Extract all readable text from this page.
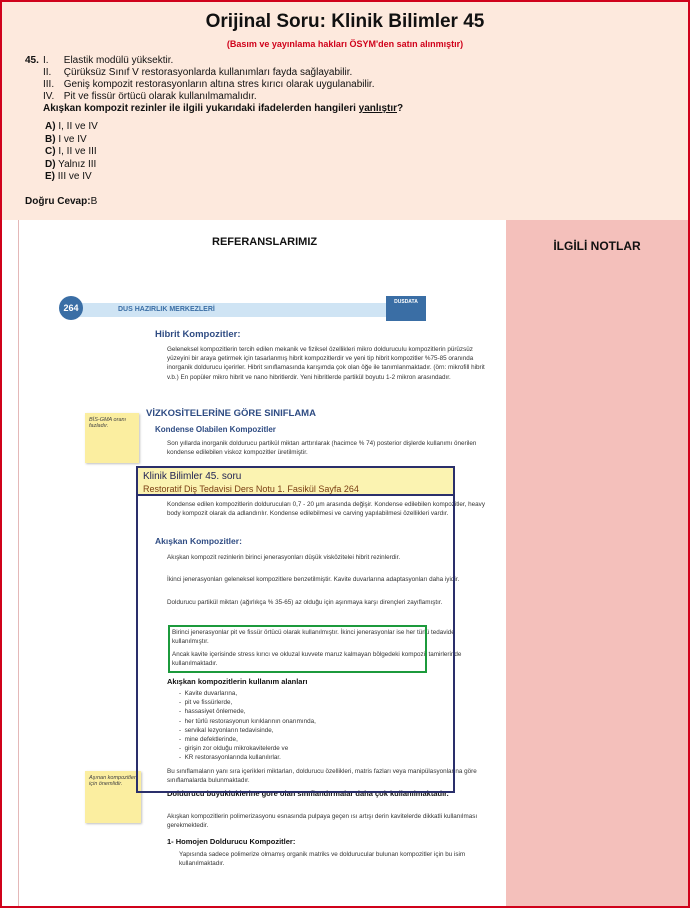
Orijinal Soru: Klinik Bilimler 45
(Basım ve yayınlama hakları ÖSYM'den satın alınmıştır)
45. I. Elastik modülü yüksektir.
II. Çürüksüz Sınıf V restorasyonlarda kullanımları fayda sağlayabilir.
III. Geniş kompozit restorasyonların altına stres kırıcı olarak uygulanabilir.
IV. Pit ve fissür örtücü olarak kullanılmamalıdır.
Akışkan kompozit rezinler ile ilgili yukarıdaki ifadelerden hangileri yanlıştır?
A) I, II ve IV
B) I ve IV
C) I, II ve III
D) Yalnız III
E) III ve IV
Doğru Cevap:B
İLGİLİ NOTLAR
REFERANSLARIMIZ
264	DUS HAZIRLIK MERKEZLERİ
DUSDATA
Hibrit Kompozitler:
Geleneksel kompozitlerin tercih edilen mekanik ve fiziksel özellikleri mikro doldurucuIu kompozitlerin pürüzsüz yüzeyini bir araya getirmek için tasarlanmış hibrit kompozitlerdir ve yeni tip hibrit kompozitler %75-85 oranında inorganik doldurucu içerirler. Hibrit sınıflamasında karışımda çok olan öğe ile tanımlanmaktadır. (örn: mikrofill hibrit v.b.) En popüler mikro hibrit ve nano hibritlerdir. Yeni hibritlerde partikül boyutu 1-2 mikron arasındadır.
VİZKOSİTELERİNE GÖRE SINIFLAMA
Kondense Olabilen Kompozitler
Son yıllarda inorganik doldurucu partikül miktarı arttırılarak (hacimce % 74) posterior dişlerde kullanımı önerilen kondense edilebilen viskoz kompozitler üretilmiştir.
BİS-GMA oranı fazladır.
Kondense edilen kompozitlerin doldurucuları 0,7 - 20 µm arasında değişir. Kondense edilebilen kompozitler, heavy body kompozit olarak da adlandırılır. Kondense edilebilmesi ve carving yapılabilmesi özellikleri vardır.
Akışkan Kompozitler:
Akışkan kompozit rezinlerin birinci jenerasyonları düşük visközitelei hibrit rezinlerdir.
İkinci jenerasyonları geleneksel kompozitlere benzetilmiştir. Kavite duvarlarına adaptasyonları daha iyidir.
Doldurucu partikül miktarı (ağırlıkça % 35-65) az olduğu için aşınmaya karşı dirençleri zayıflamıştır.
Birinci jenerasyonlar pit ve fissür örtücü olarak kullanılmıştır. İkinci jenerasyonlar ise her türlü tedavide kullanılmıştır.
Ancak kavite içerisinde stress kırıcı ve okluzal kuvvete maruz kalmayan bölgedeki kompozit tamirlerinde kullanılmaktadır.
Akışkan kompozitlerin kullanım alanları
-  Kavite duvarlarına,
-  pit ve fissürlerde,
-  hassasiyet önlemede,
-  her türlü restorasyonun kırıklarının onarımında,
-  servikal lezyonların tedavisinde,
-  mine defektlerinde,
-  girişin zor olduğu mikrokavitelerde ve
-  KR restorasyonlarında kullanılırlar.
Aşınan kompozitler için önemlidir.
Bu sınıflamaların yanı sıra içerikleri miktarları, doldurucu özellikleri, matris fazları veya manipülasyonlarına göre sınıflamalarda bulunmaktadır.
Doldurucu büyüklüklerine göre olan sınıflandırmalar daha çok kullanılmaktadır.
Akışkan kompozitlerin polimerizasyonu esnasında pulpaya geçen ısı artışı derin kavitelerde dikkatli kullanılması gerekmektedir.
1- Homojen Doldurucu Kompozitler:
Yapısında sadece polimerize olmamış organik matriks ve doldurucular bulunan kompozitler için bu isim kullanılmaktadır.
Klinik Bilimler 45. soru
Restoratif Diş Tedavisi Ders Notu 1. Fasikül Sayfa 264
